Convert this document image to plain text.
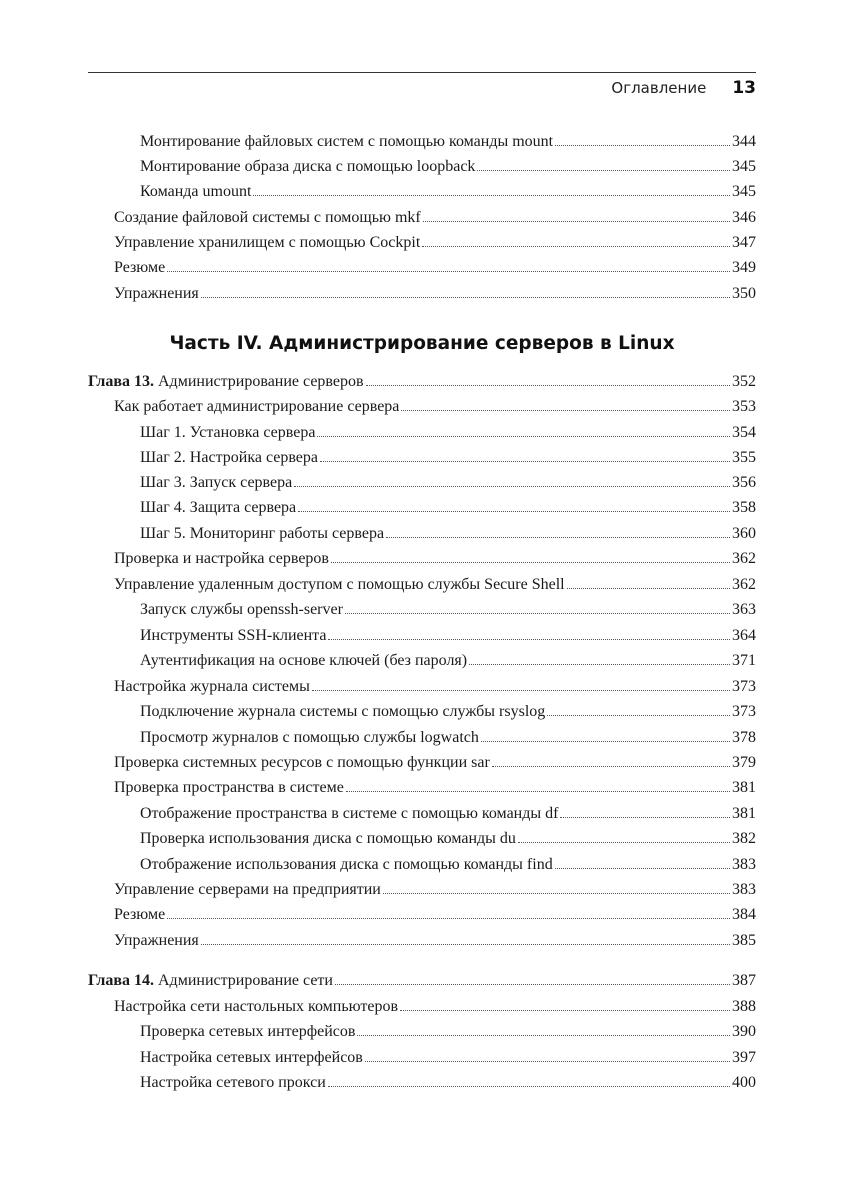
Оглавление 13
Монтирование файловых систем с помощью команды mount	344
Монтирование образа диска с помощью loopback	345
Команда umount	345
Создание файловой системы с помощью mkf	346
Управление хранилищем с помощью Cockpit	347
Резюме	349
Упражнения	350
Часть IV. Администрирование серверов в Linux
Глава 13. Администрирование серверов	352
Как работает администрирование сервера	353
Шаг 1. Установка сервера	354
Шаг 2. Настройка сервера	355
Шаг 3. Запуск сервера	356
Шаг 4. Защита сервера	358
Шаг 5. Мониторинг работы сервера	360
Проверка и настройка серверов	362
Управление удаленным доступом с помощью службы Secure Shell	362
Запуск службы openssh-server	363
Инструменты SSH-клиента	364
Аутентификация на основе ключей (без пароля)	371
Настройка журнала системы	373
Подключение журнала системы с помощью службы rsyslog	373
Просмотр журналов с помощью службы logwatch	378
Проверка системных ресурсов с помощью функции sar	379
Проверка пространства в системе	381
Отображение пространства в системе с помощью команды df	381
Проверка использования диска с помощью команды du	382
Отображение использования диска с помощью команды find	383
Управление серверами на предприятии	383
Резюме	384
Упражнения	385
Глава 14. Администрирование сети	387
Настройка сети настольных компьютеров	388
Проверка сетевых интерфейсов	390
Настройка сетевых интерфейсов	397
Настройка сетевого прокси	400
